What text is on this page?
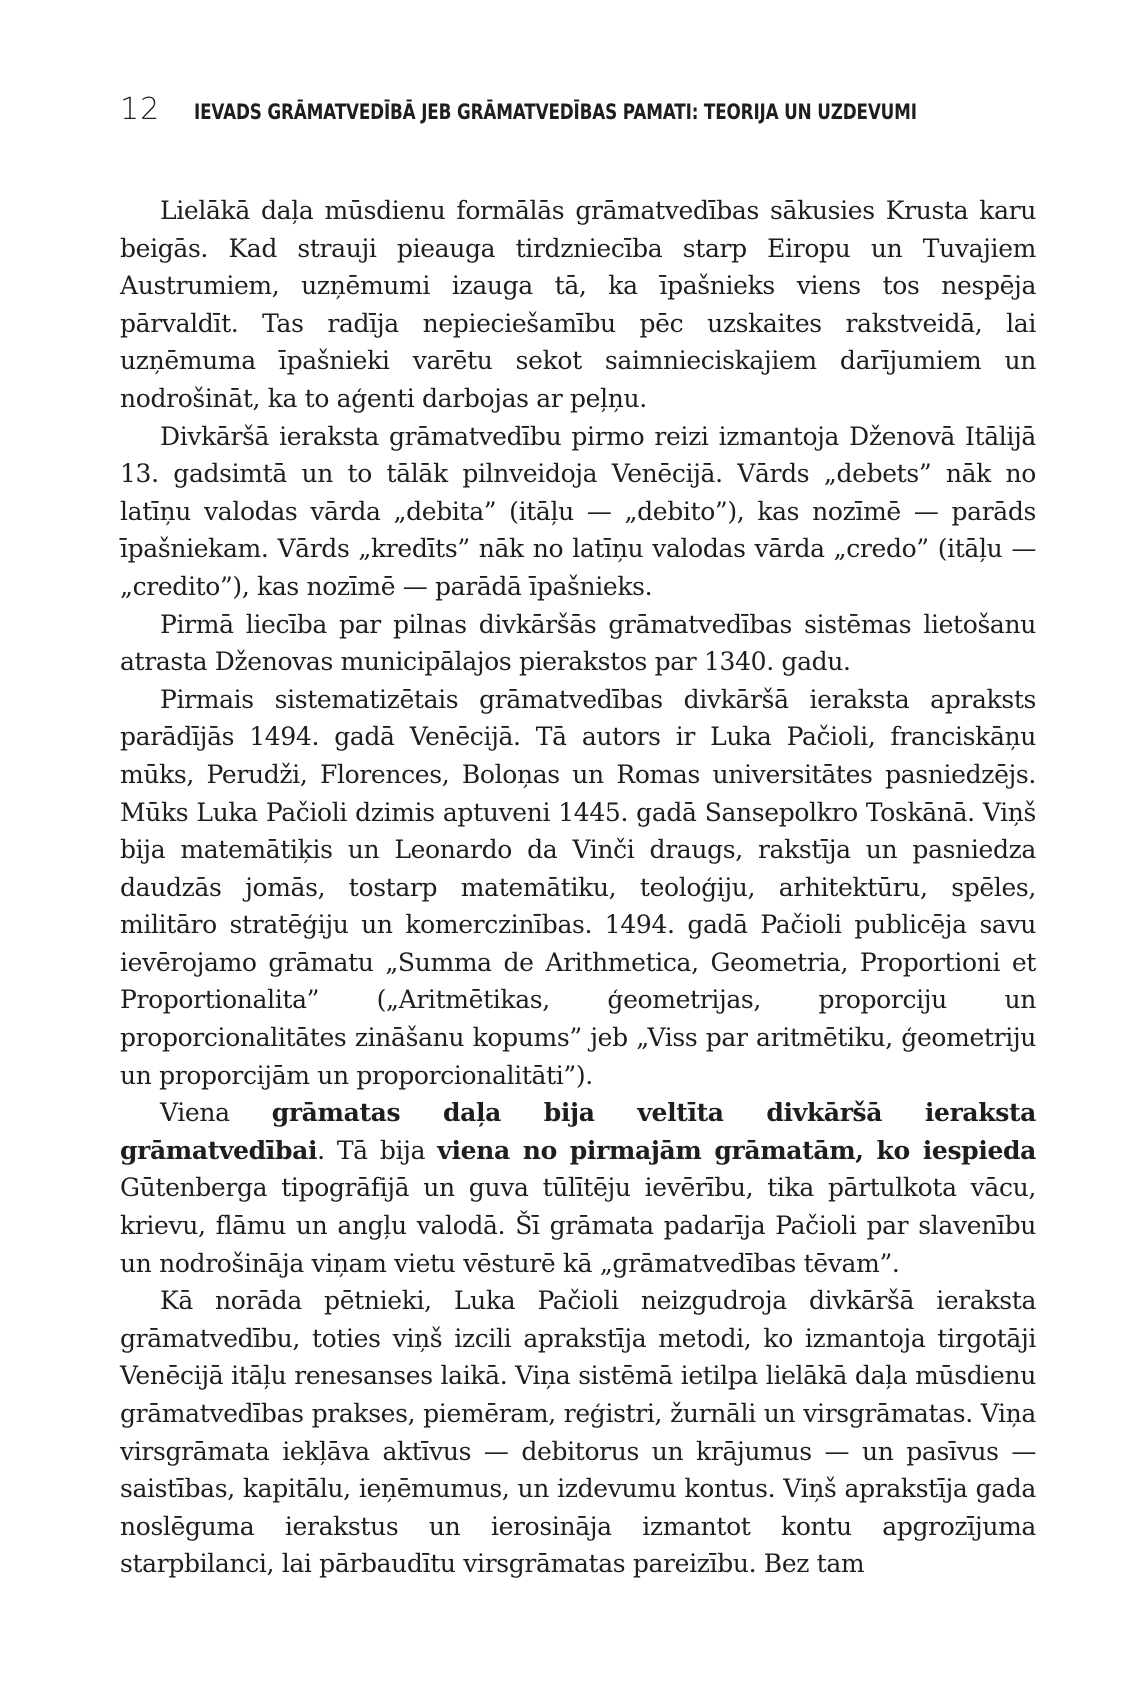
12 IEVADS GRĀMATVEDĪBĀ JEB GRĀMATVEDĪBAS PAMATI: TEORIJA UN UZDEVUMI

Lielākā daļa mūsdienu formālās grāmatvedības sākusies Krusta karu beigās. Kad strauji pieauga tirdzniecība starp Eiropu un Tuvajiem Austrumiem, uzņēmumi izauga tā, ka īpašnieks viens tos nespēja pārvaldīt. Tas radīja nepieciešamību pēc uzskaites rakstveidā, lai uzņēmuma īpašnieki varētu sekot saimnieciskajiem darījumiem un nodrošināt, ka to aģenti darbojas ar peļņu.

Divkāršā ieraksta grāmatvedību pirmo reizi izmantoja Dženovā Itālijā 13. gadsimtā un to tālāk pilnveidoja Venēcijā. Vārds „debets” nāk no latīņu valodas vārda „debita” (itāļu — „debito”), kas nozīmē — parāds īpašniekam. Vārds „kredīts” nāk no latīņu valodas vārda „credo” (itāļu — „credito”), kas nozīmē — parādā īpašnieks.

Pirmā liecība par pilnas divkāršās grāmatvedības sistēmas lietošanu atrasta Dženovas municipālajos pierakstos par 1340. gadu.

Pirmais sistematizētais grāmatvedības divkāršā ieraksta apraksts parādījās 1494. gadā Venēcijā. Tā autors ir Luka Pačioli, franciskāņu mūks, Perudži, Florences, Boloņas un Romas universitātes pasniedzējs. Mūks Luka Pačioli dzimis aptuveni 1445. gadā Sansepolkro Toskānā. Viņš bija matemātiķis un Leonardo da Vinči draugs, rakstīja un pasniedza daudzās jomās, tostarp matemātiku, teoloģiju, arhitektūru, spēles, militāro stratēģiju un komerczinības. 1494. gadā Pačioli publicēja savu ievērojamo grāmatu „Summa de Arithmetica, Geometria, Proportioni et Proportionalita” („Aritmētikas, ģeometrijas, proporciju un proporcionalitātes zināšanu kopums” jeb „Viss par aritmētiku, ģeometriju un proporcijām un proporcionalitāti”).

Viena grāmatas daļa bija veltīta divkāršā ieraksta grāmatvedībai. Tā bija viena no pirmajām grāmatām, ko iespieda Gūtenberga tipogrāfijā un guva tūlītēju ievērību, tika pārtulkota vācu, krievu, flāmu un angļu valodā. Šī grāmata padarīja Pačioli par slavenību un nodrošināja viņam vietu vēsturē kā „grāmatvedības tēvam”.

Kā norāda pētnieki, Luka Pačioli neizgudroja divkāršā ieraksta grāmatvedību, toties viņš izcili aprakstīja metodi, ko izmantoja tirgotāji Venēcijā itāļu renesanses laikā. Viņa sistēmā ietilpa lielākā daļa mūsdienu grāmatvedības prakses, piemēram, reģistri, žurnāli un virsgrāmatas. Viņa virsgrāmata iekļāva aktīvus — debitorus un krājumus — un pasīvus — saistības, kapitālu, ieņēmumus, un izdevumu kontus. Viņš aprakstīja gada noslēguma ierakstus un ierosināja izmantot kontu apgrozījuma starpbilanci, lai pārbaudītu virsgrāmatas pareizību. Bez tam
